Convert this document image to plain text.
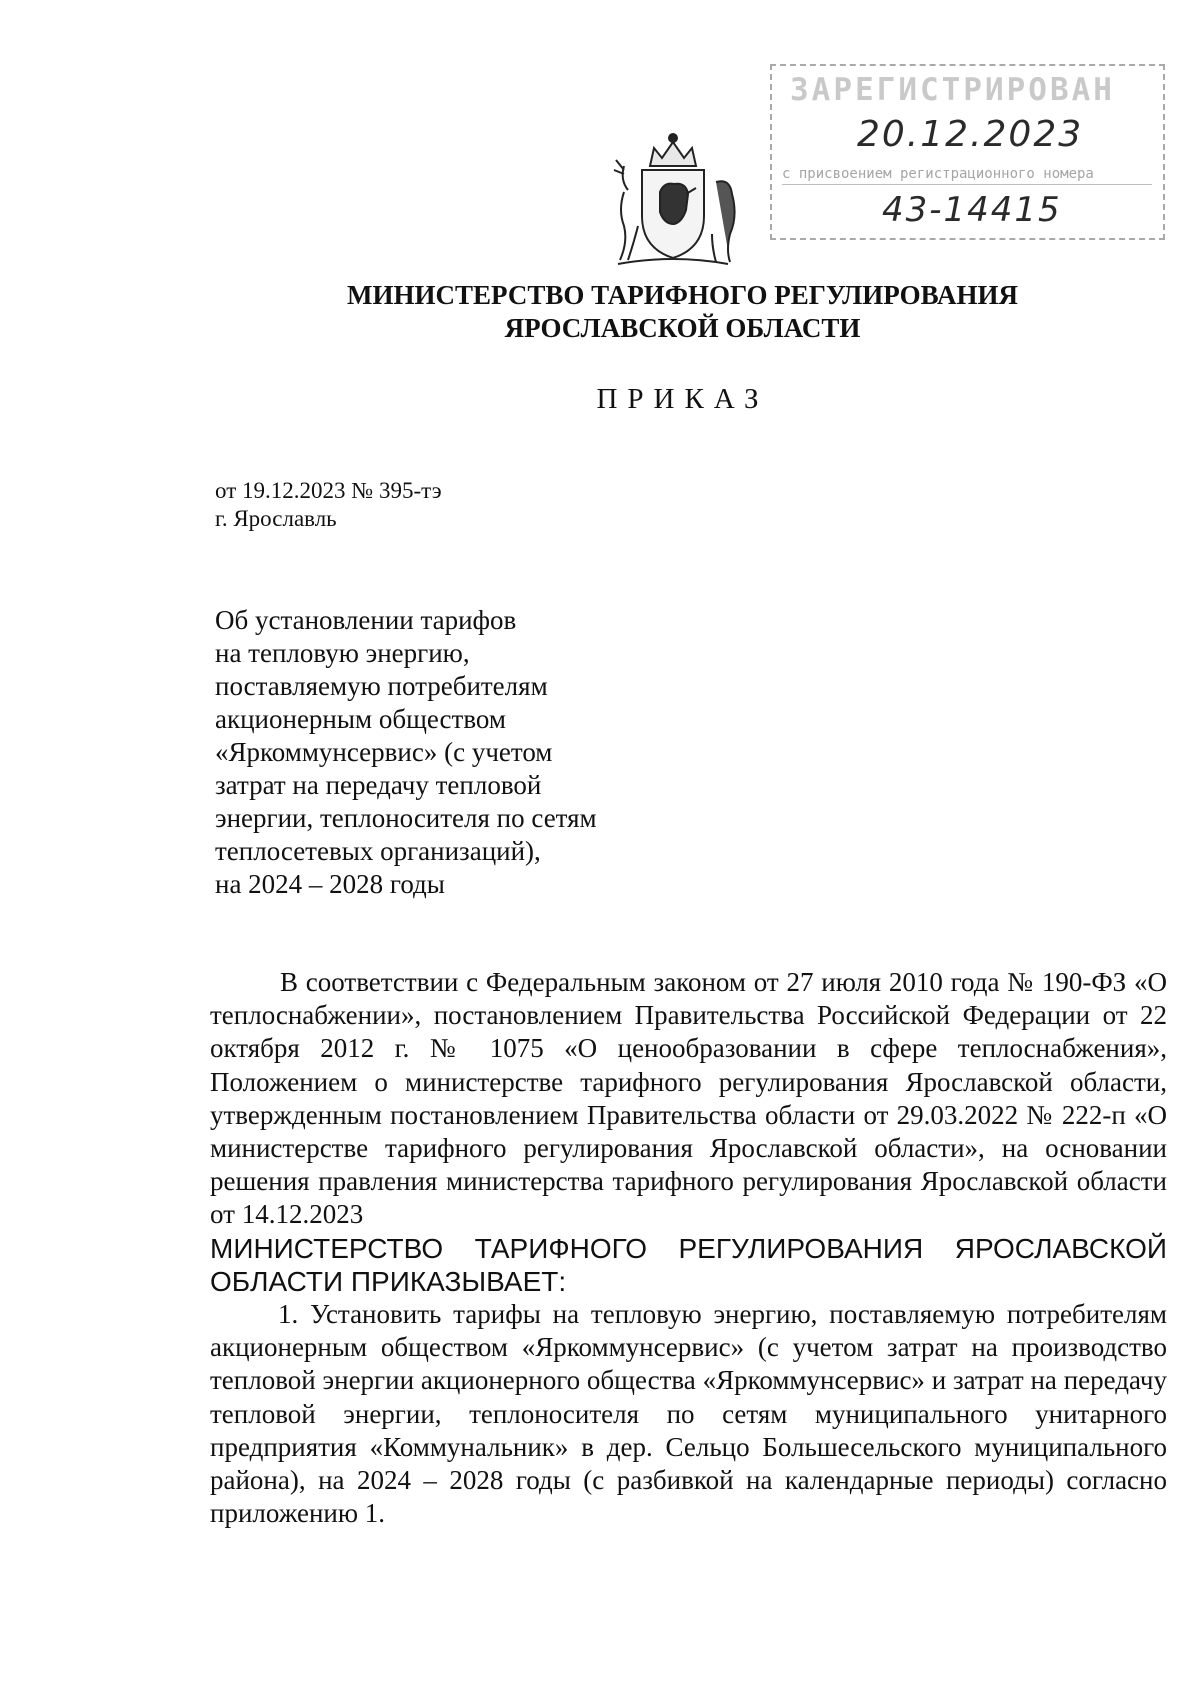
ЗАРЕГИСТРИРОВАН
20.12.2023
с присвоением регистрационного номера
43-14415
МИНИСТЕРСТВО ТАРИФНОГО РЕГУЛИРОВАНИЯ
ЯРОСЛАВСКОЙ ОБЛАСТИ
ПРИКАЗ
от 19.12.2023 № 395-тэ
г. Ярославль
Об установлении тарифов
на тепловую энергию,
поставляемую потребителям
акционерным обществом
«Яркоммунсервис» (с учетом
затрат на передачу тепловой
энергии, теплоносителя по сетям
теплосетевых организаций),
на 2024 – 2028 годы

В соответствии с Федеральным законом от 27 июля 2010 года № 190-ФЗ «О теплоснабжении», постановлением Правительства Российской Федерации от 22 октября 2012 г. № 1075 «О ценообразовании в сфере теплоснабжения», Положением о министерстве тарифного регулирования Ярославской области, утвержденным постановлением Правительства области от 29.03.2022 № 222-п «О министерстве тарифного регулирования Ярославской области», на основании решения правления министерства тарифного регулирования Ярославской области от 14.12.2023

МИНИСТЕРСТВО ТАРИФНОГО РЕГУЛИРОВАНИЯ ЯРОСЛАВСКОЙ ОБЛАСТИ ПРИКАЗЫВАЕТ:

1. Установить тарифы на тепловую энергию, поставляемую потребителям акционерным обществом «Яркоммунсервис» (с учетом затрат на производство тепловой энергии акционерного общества «Яркоммунсервис» и затрат на передачу тепловой энергии, теплоносителя по сетям муниципального унитарного предприятия «Коммунальник» в дер. Сельцо Большесельского муниципального района), на 2024 – 2028 годы (с разбивкой на календарные периоды) согласно приложению 1.
